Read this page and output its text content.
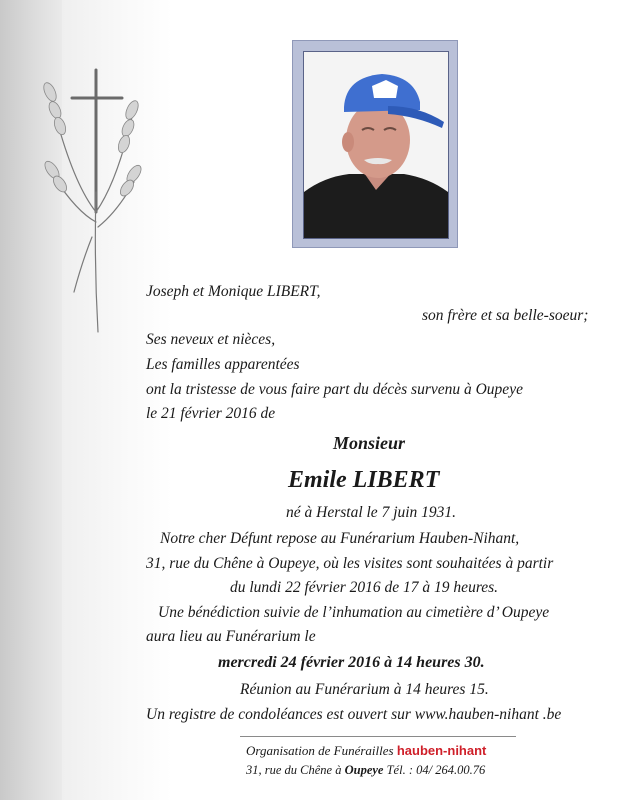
Joseph et Monique LIBERT,
son frère et sa belle-soeur;
Ses neveux et nièces,
Les familles apparentées
ont la tristesse de vous faire part du décès survenu à Oupeye
le 21 février 2016 de
Monsieur
Emile LIBERT
né à Herstal le 7 juin 1931.
Notre cher Défunt repose au Funérarium Hauben-Nihant,
31, rue du Chêne à Oupeye, où les visites sont souhaitées à partir
du lundi 22 février 2016 de 17 à 19 heures.
Une bénédiction suivie de l’inhumation au cimetière d’ Oupeye
aura lieu au Funérarium le
mercredi 24 février 2016 à 14 heures 30.
Réunion au Funérarium à 14 heures 15.
Un registre de condoléances est ouvert sur www.hauben-nihant .be
Organisation de Funérailles hauben-nihant
31, rue du Chêne à Oupeye Tél. : 04/ 264.00.76
